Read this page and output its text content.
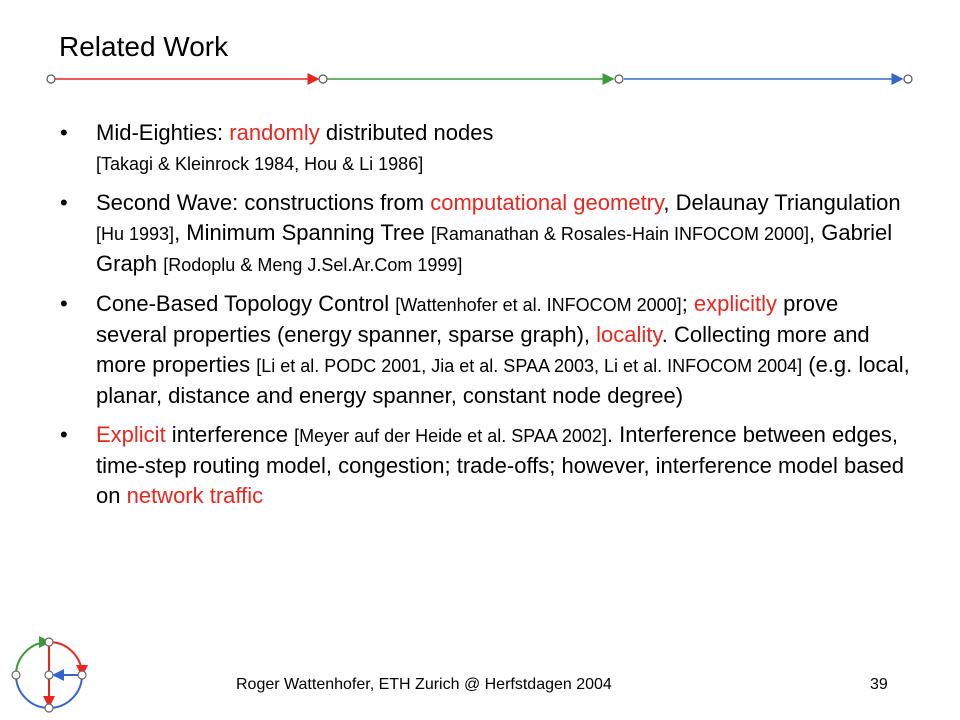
Related Work
• Mid-Eighties: randomly distributed nodes
[Takagi & Kleinrock 1984, Hou & Li 1986]
• Second Wave: constructions from computational geometry, Delaunay Triangulation [Hu 1993], Minimum Spanning Tree [Ramanathan & Rosales-Hain INFOCOM 2000], Gabriel Graph [Rodoplu & Meng J.Sel.Ar.Com 1999]
• Cone-Based Topology Control [Wattenhofer et al. INFOCOM 2000]; explicitly prove several properties (energy spanner, sparse graph), locality. Collecting more and more properties [Li et al. PODC 2001, Jia et al. SPAA 2003, Li et al. INFOCOM 2004] (e.g. local, planar, distance and energy spanner, constant node degree)
• Explicit interference [Meyer auf der Heide et al. SPAA 2002]. Interference between edges, time-step routing model, congestion; trade-offs; however, interference model based on network traffic
Roger Wattenhofer, ETH Zurich @ Herfstdagen 2004	39
